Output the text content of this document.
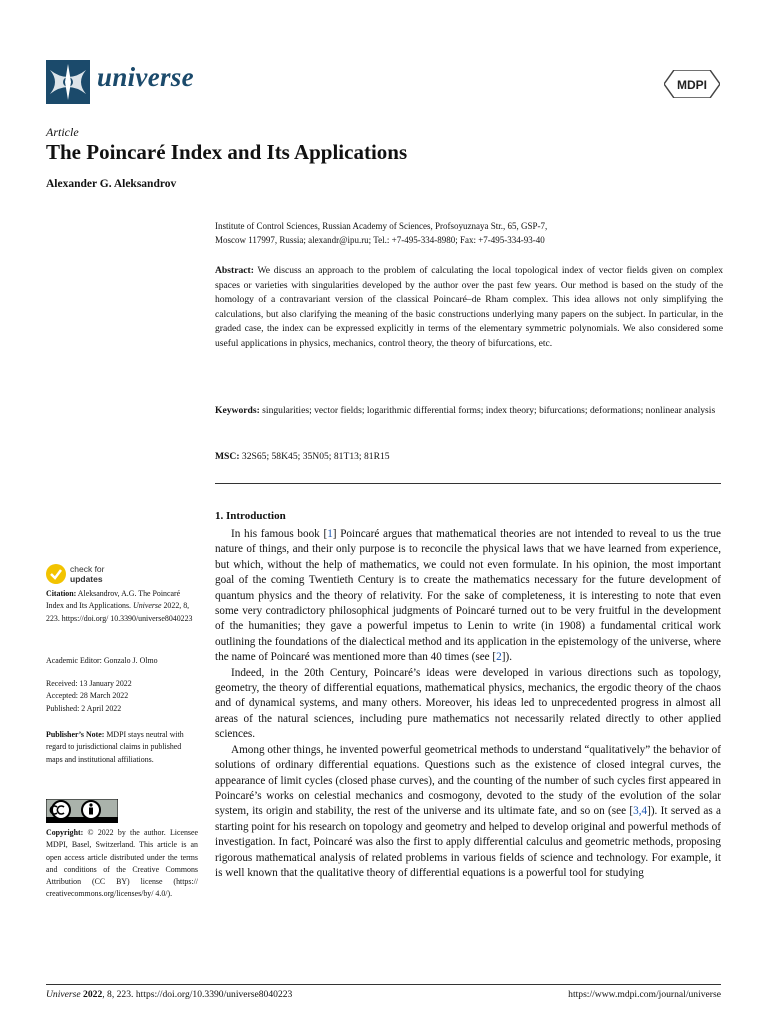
universe	MDPI
Article
The Poincaré Index and Its Applications
Alexander G. Aleksandrov
Institute of Control Sciences, Russian Academy of Sciences, Profsoyuznaya Str., 65, GSP-7,
Moscow 117997, Russia; alexandr@ipu.ru; Tel.: +7-495-334-8980; Fax: +7-495-334-93-40
Abstract: We discuss an approach to the problem of calculating the local topological index of vector fields given on complex spaces or varieties with singularities developed by the author over the past few years. Our method is based on the study of the homology of a contravariant version of the classical Poincaré–de Rham complex. This idea allows not only simplifying the calculations, but also clarifying the meaning of the basic constructions underlying many papers on the subject. In particular, in the graded case, the index can be expressed explicitly in terms of the elementary symmetric polynomials. We also considered some useful applications in physics, mechanics, control theory, the theory of bifurcations, etc.
Keywords: singularities; vector fields; logarithmic differential forms; index theory; bifurcations; deformations; nonlinear analysis
MSC: 32S65; 58K45; 35N05; 81T13; 81R15
1. Introduction

In his famous book [1] Poincaré argues that mathematical theories are not intended to reveal to us the true nature of things, and their only purpose is to reconcile the physical laws that we have learned from experience, but which, without the help of mathematics, we could not even formulate. In his opinion, the most important goal of the coming Twentieth Century is to create the mathematics necessary for the future development of quantum physics and the theory of relativity. For the sake of completeness, it is interesting to note that even some very contradictory philosophical judgments of Poincaré turned out to be very fruitful in the development of the humanities; they gave a powerful impetus to Lenin to write (in 1908) a fundamental critical work outlining the foundations of the dialectical method and its application in the epistemology of the universe, where the name of Poincaré was mentioned more than 40 times (see [2]).

Indeed, in the 20th Century, Poincaré’s ideas were developed in various directions such as topology, geometry, the theory of differential equations, mathematical physics, mechanics, the ergodic theory of the chaos and of dynamical systems, and many others. Moreover, his ideas led to unprecedented progress in almost all areas of the natural sciences, including pure mathematics not necessarily related directly to other applied sciences.

Among other things, he invented powerful geometrical methods to understand “qualitatively” the behavior of solutions of ordinary differential equations. Questions such as the existence of closed integral curves, the appearance of limit cycles (closed phase curves), and the counting of the number of such cycles first appeared in Poincaré’s works on celestial mechanics and cosmogony, devoted to the study of the evolution of the solar system, its origin and stability, the rest of the universe and its ultimate fate, and so on (see [3,4]). It served as a starting point for his research on topology and geometry and helped to develop original and powerful methods of investigation. In fact, Poincaré was also the first to apply differential calculus and geometric methods, proposing rigorous mathematical analysis of related problems in various fields of science and technology. For example, it is well known that the qualitative theory of differential equations is a powerful tool for studying

check for
updates
Citation: Aleksandrov, A.G. The Poincaré Index and Its Applications. Universe 2022, 8, 223. https://doi.org/ 10.3390/universe8040223
Academic Editor: Gonzalo J. Olmo
Received: 13 January 2022
Accepted: 28 March 2022
Published: 2 April 2022
Publisher’s Note: MDPI stays neutral with regard to jurisdictional claims in published maps and institutional affiliations.
Copyright: © 2022 by the author. Licensee MDPI, Basel, Switzerland. This article is an open access article distributed under the terms and conditions of the Creative Commons Attribution (CC BY) license (https:// creativecommons.org/licenses/by/ 4.0/).
Universe 2022, 8, 223. https://doi.org/10.3390/universe8040223	https://www.mdpi.com/journal/universe
